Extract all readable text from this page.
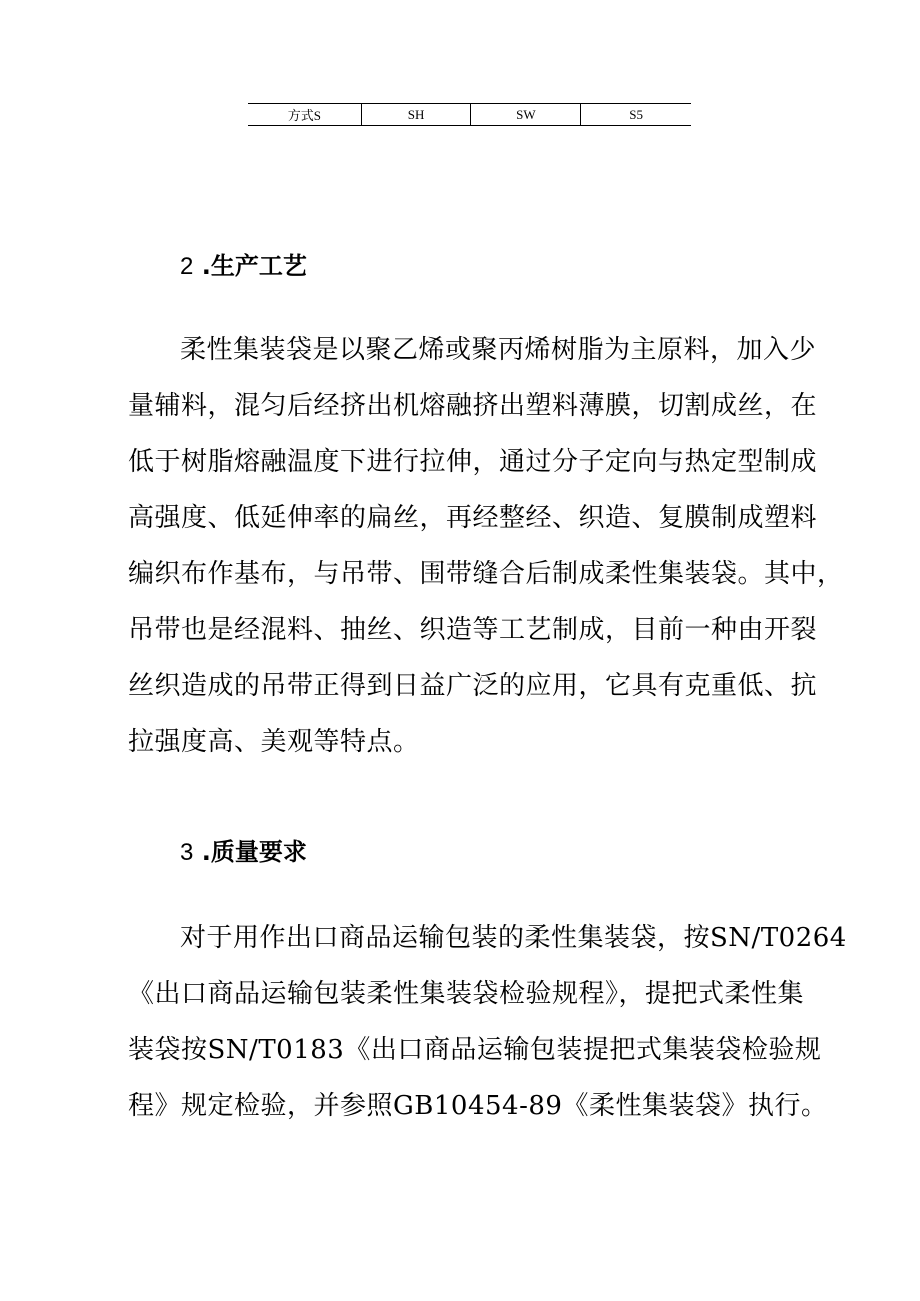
方式S	SH	SW	S5
2 .生产工艺
柔性集装袋是以聚乙烯或聚丙烯树脂为主原料，加入少
量辅料，混匀后经挤出机熔融挤出塑料薄膜，切割成丝，在
低于树脂熔融温度下进行拉伸，通过分子定向与热定型制成
高强度、低延伸率的扁丝，再经整经、织造、复膜制成塑料
编织布作基布，与吊带、围带缝合后制成柔性集装袋。其中，
吊带也是经混料、抽丝、织造等工艺制成，目前一种由开裂
丝织造成的吊带正得到日益广泛的应用，它具有克重低、抗
拉强度高、美观等特点。
3 .质量要求
对于用作出口商品运输包装的柔性集装袋，按SN/T0264
《出口商品运输包装柔性集装袋检验规程》，提把式柔性集
装袋按SN/T0183《出口商品运输包装提把式集装袋检验规
程》规定检验，并参照GB10454-89《柔性集装袋》执行。
